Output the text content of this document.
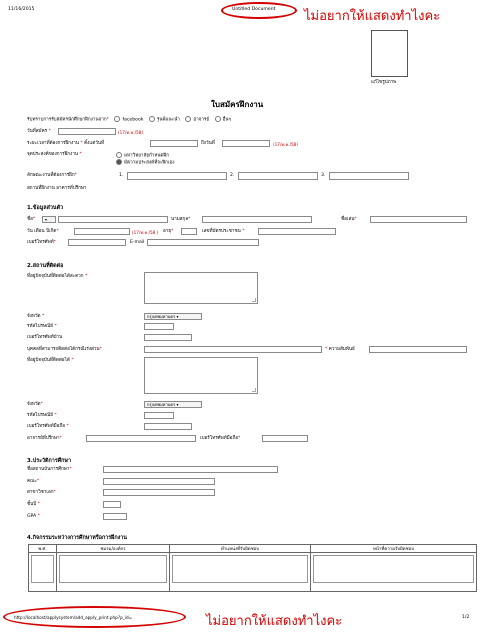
11/16/2015	Untitled Document ไม่อยากให้แสดงทำไงคะ
แก้ไขรูปภาพ
ใบสมัครฝึกงาน
รับทราบการรับสมัครนักศึกษาฝึกงานจาก*	facebook	รุ่นพี่แนะนำ	อาจารย์	อื่นๆ
วันที่สมัคร *	(17/ท.ค./58)
ระยะเวลาที่ต้องการฝึกงาน * ตั้งแต่วันที่	ถึงวันที่	(17/ท.ค./58)
จุดประสงค์ของการฝึกงาน *	มหาวิทยาลัยกำหนดฝึก
มีความประสงค์ที่จะฝึกเอง
ลักษณะงานที่ต้องการฝึก*	1.	2.	3.
สถานที่ฝึกงาน อาคารที่ปรึกษา
1.ข้อมูลส่วนตัว
ชื่อ*	▾	นามสกุล*	ชื่อเล่น*
วัน เดือน ปีเกิด*	(17/ท.ค./58 ) อายุ*	เลขที่บัตรประชาชน *
เบอร์โทรศัพท์*	E-mail
2.สถานที่ติดต่อ
ที่อยู่ปัจจุบันที่ติดต่อได้สะดวก *
จังหวัด *	กรุงเทพมหานคร ▾
รหัสไปรษณีย์ *
เบอร์โทรศัพท์บ้าน
บุคคลที่สามารถติดต่อได้กรณีเร่งด่วน*	* ความสัมพันธ์
ที่อยู่ปัจจุบันที่ติดต่อได้ *
จังหวัด*	กรุงเทพมหานคร ▾
รหัสไปรษณีย์ *
เบอร์โทรศัพท์มือถือ *
อาจารย์ที่ปรึกษา*	เบอร์โทรศัพท์มือถือ*
3.ประวัติการศึกษา
ชื่อสถานบันการศึกษา*
คณะ*
สาขาวิชาเอก*
ชั้นปี *
GPA *
4.กิจกรรมระหว่างการศึกษาหรือการฝึกงาน
พ.ศ.	ชมรม/องค์กร	ตำแหน่งที่รับผิดชอบ	หน้าที่ความรับผิดชอบ

http://localhost/applysystem/add_apply_print.php?p_id=	ไม่อยากให้แสดงทำไงคะ	1/2
